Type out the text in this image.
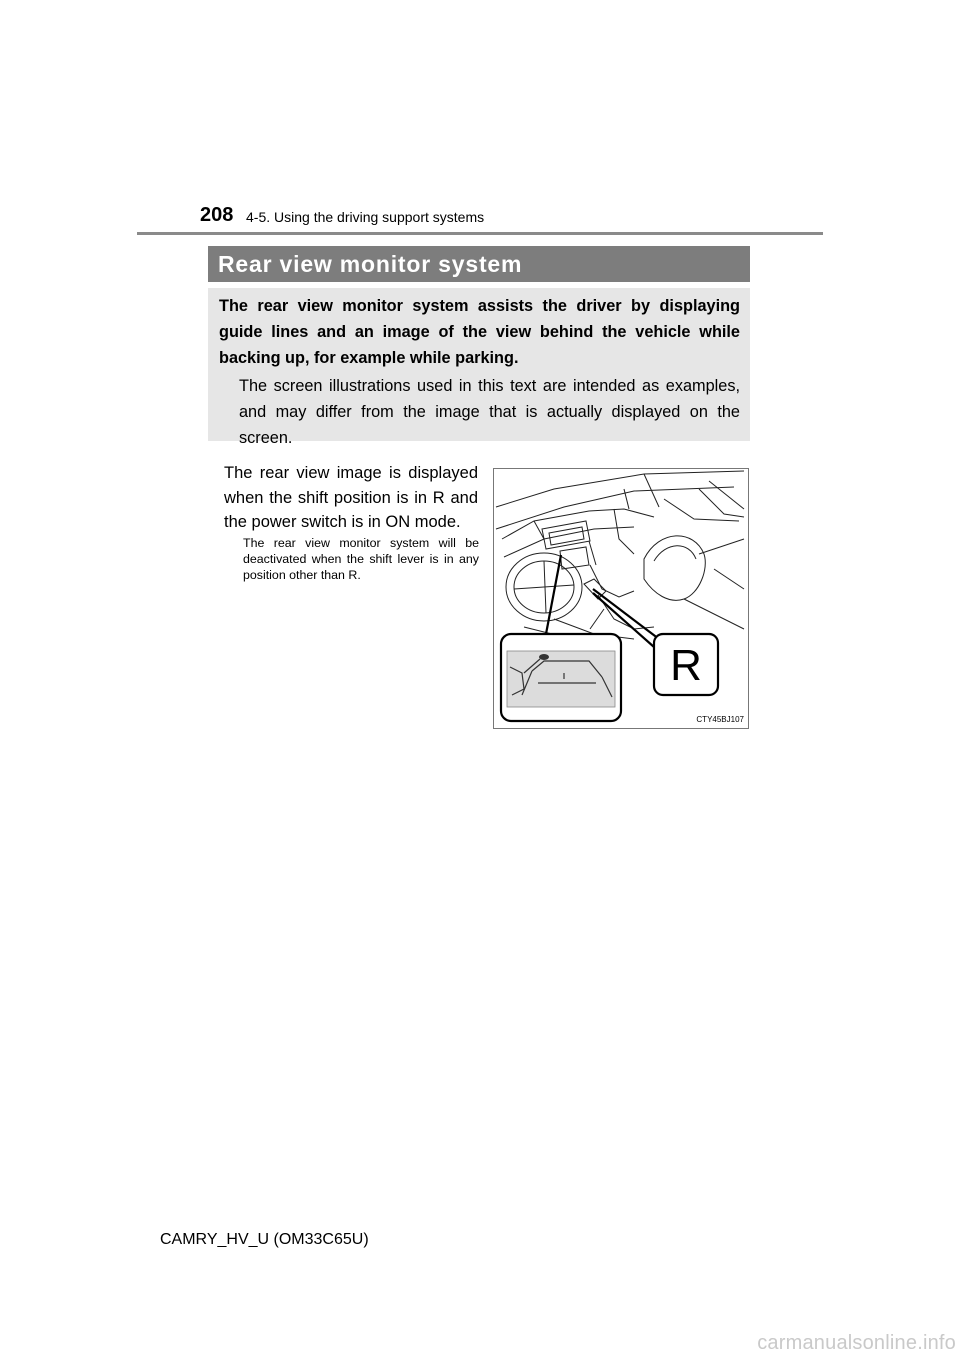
208 4-5. Using the driving support systems
Rear view monitor system

The rear view monitor system assists the driver by displaying guide lines and an image of the view behind the vehicle while backing up, for example while parking.

The screen illustrations used in this text are intended as examples, and may differ from the image that is actually displayed on the screen.

The rear view image is displayed when the shift position is in R and the power switch is in ON mode.

The rear view monitor system will be deactivated when the shift lever is in any position other than R.

R
CTY45BJ107
CAMRY_HV_U (OM33C65U)
carmanualsonline.info
